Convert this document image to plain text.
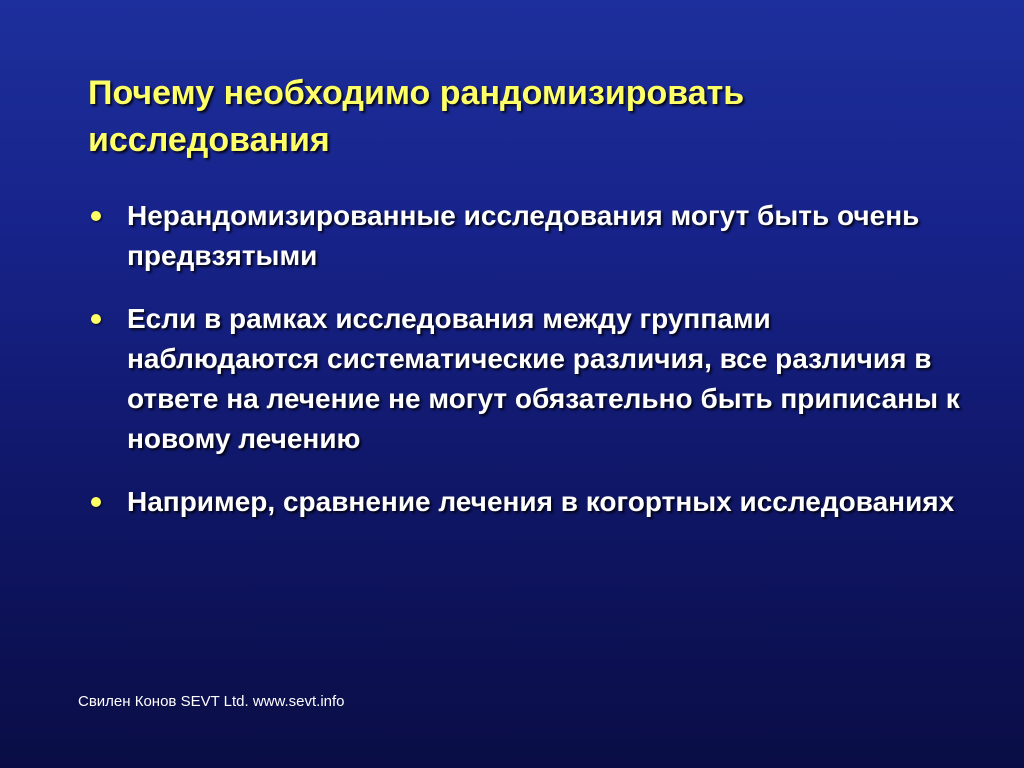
Почему необходимо рандомизировать исследования
Нерандомизированные исследования могут быть очень предвзятыми
Если в рамках исследования между группами наблюдаются систематические различия, все различия в ответе на лечение не могут обязательно быть приписаны к новому лечению
Например, сравнение лечения в когортных исследованиях
Свилен Конов SEVT Ltd. www.sevt.info
